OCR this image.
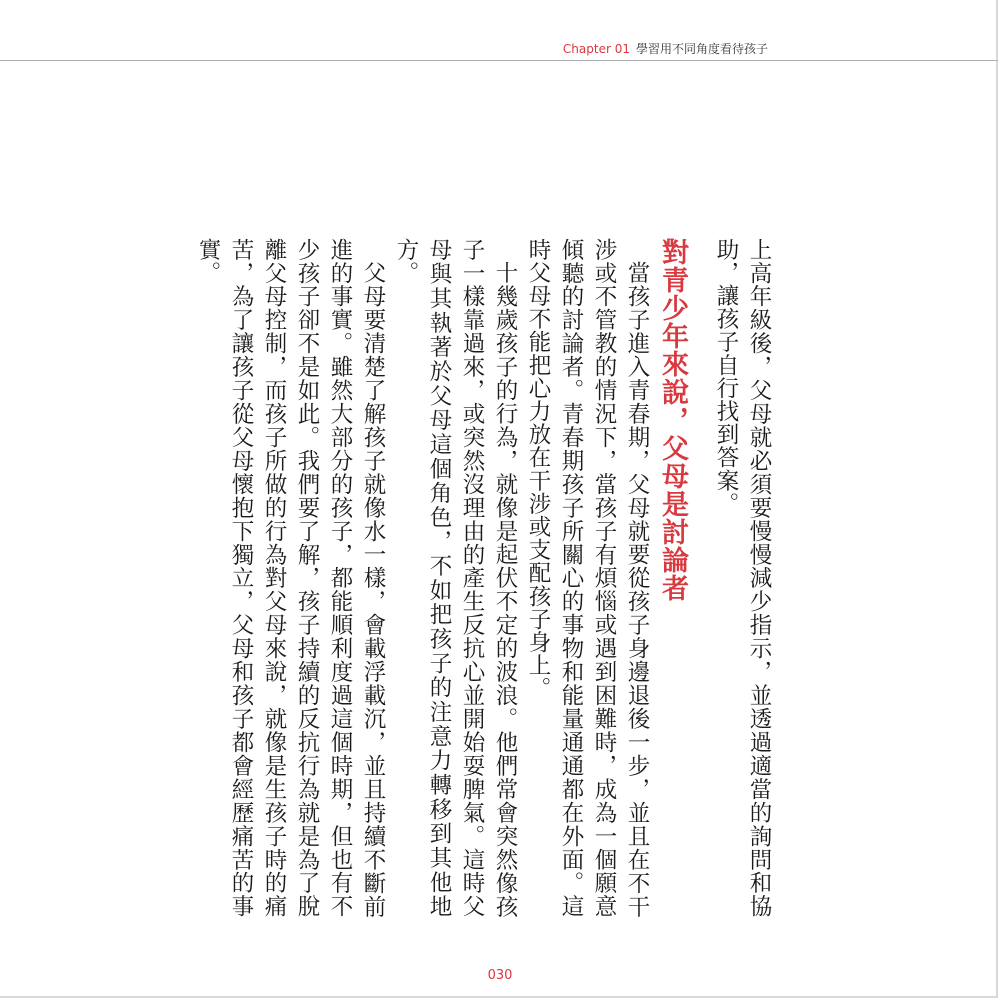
Chapter 01 學習用不同角度看待孩子

上高年級後，父母就必須要慢慢減少指示，並透過適當的詢問和協助，讓孩子自行找到答案。

對青少年來說，父母是討論者

當孩子進入青春期，父母就要從孩子身邊退後一步，並且在不干涉或不管教的情況下，當孩子有煩惱或遇到困難時，成為一個願意傾聽的討論者。青春期孩子所關心的事物和能量通通都在外面。這時父母不能把心力放在干涉或支配孩子身上。

十幾歲孩子的行為，就像是起伏不定的波浪。他們常會突然像孩子一樣靠過來，或突然沒理由的產生反抗心並開始耍脾氣。這時父母與其執著於父母這個角色，不如把孩子的注意力轉移到其他地方。

父母要清楚了解孩子就像水一樣，會載浮載沉，並且持續不斷前進的事實。雖然大部分的孩子，都能順利度過這個時期，但也有不少孩子卻不是如此。我們要了解，孩子持續的反抗行為就是為了脫離父母控制，而孩子所做的行為對父母來說，就像是生孩子時的痛苦，為了讓孩子從父母懷抱下獨立，父母和孩子都會經歷痛苦的事實。

030
